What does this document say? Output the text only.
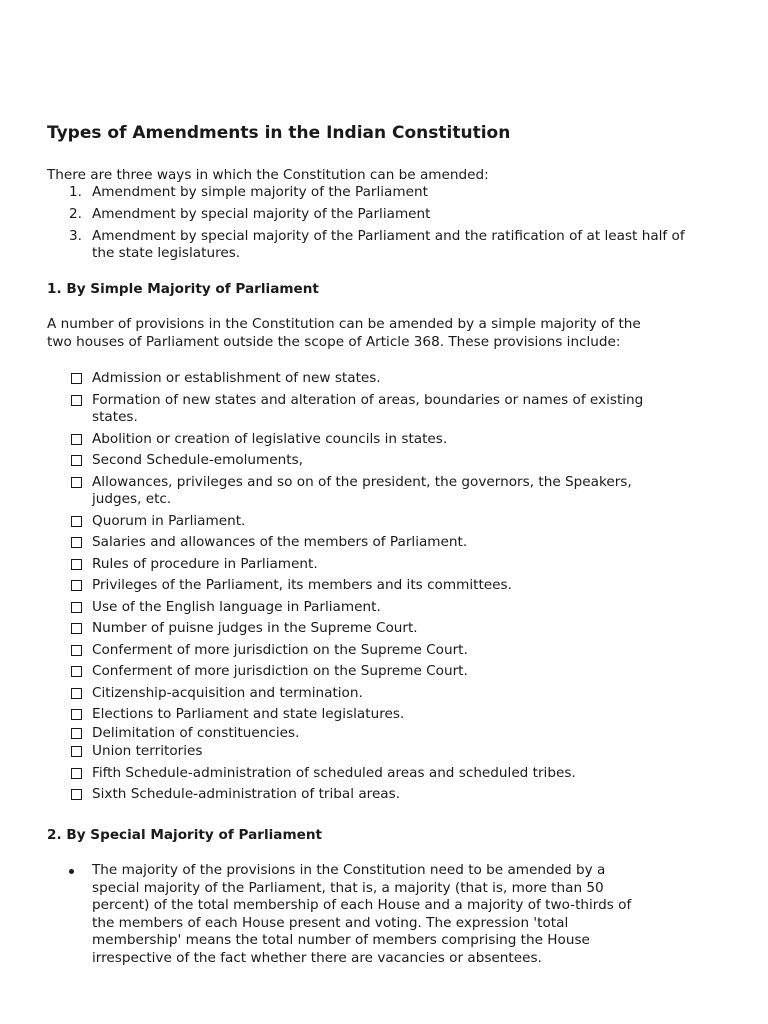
Types of Amendments in the Indian Constitution
There are three ways in which the Constitution can be amended:
1. Amendment by simple majority of the Parliament
2. Amendment by special majority of the Parliament
3. Amendment by special majority of the Parliament and the ratification of at least half of the state legislatures.
1. By Simple Majority of Parliament
A number of provisions in the Constitution can be amended by a simple majority of the two houses of Parliament outside the scope of Article 368. These provisions include:
Admission or establishment of new states.
Formation of new states and alteration of areas, boundaries or names of existing states.
Abolition or creation of legislative councils in states.
Second Schedule-emoluments,
Allowances, privileges and so on of the president, the governors, the Speakers, judges, etc.
Quorum in Parliament.
Salaries and allowances of the members of Parliament.
Rules of procedure in Parliament.
Privileges of the Parliament, its members and its committees.
Use of the English language in Parliament.
Number of puisne judges in the Supreme Court.
Conferment of more jurisdiction on the Supreme Court.
Conferment of more jurisdiction on the Supreme Court.
Citizenship-acquisition and termination.
Elections to Parliament and state legislatures.
Delimitation of constituencies.
Union territories
Fifth Schedule-administration of scheduled areas and scheduled tribes.
Sixth Schedule-administration of tribal areas.
2. By Special Majority of Parliament
The majority of the provisions in the Constitution need to be amended by a special majority of the Parliament, that is, a majority (that is, more than 50 percent) of the total membership of each House and a majority of two-thirds of the members of each House present and voting. The expression 'total membership' means the total number of members comprising the House irrespective of the fact whether there are vacancies or absentees.
